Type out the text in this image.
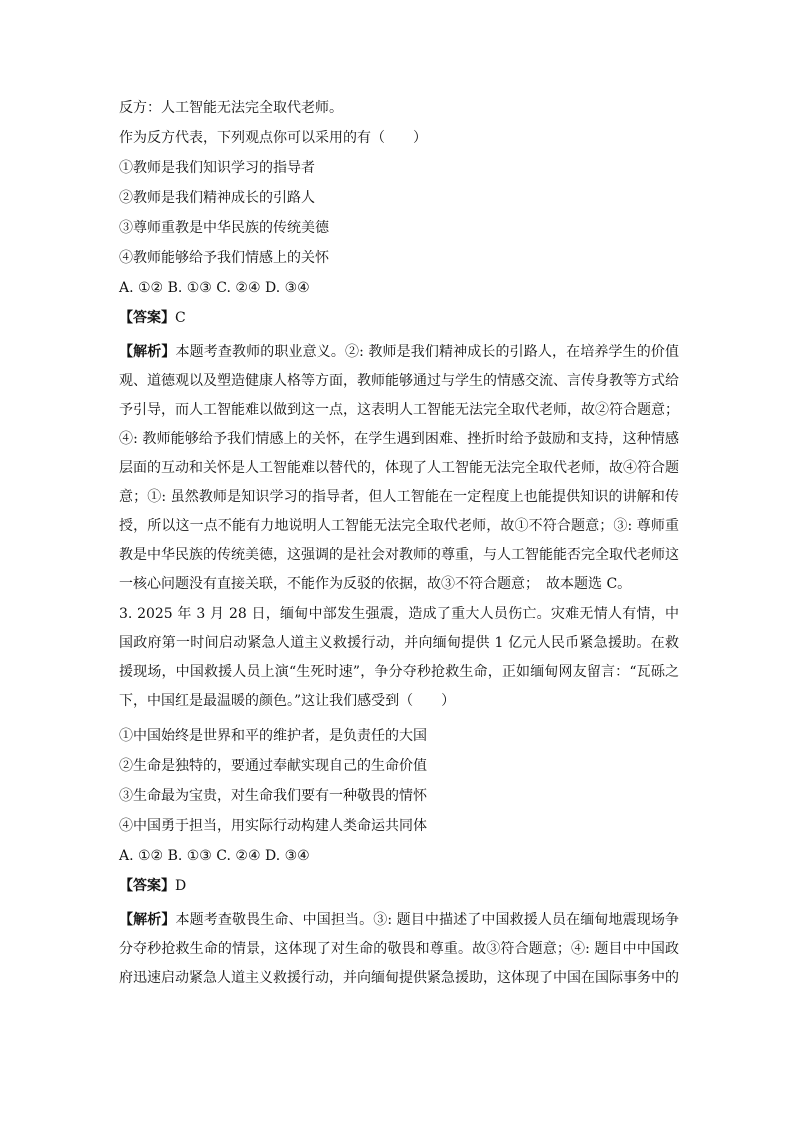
反方：人工智能无法完全取代老师。
作为反方代表，下列观点你可以采用的有（　　）
①教师是我们知识学习的指导者
②教师是我们精神成长的引路人
③尊师重教是中华民族的传统美德
④教师能够给予我们情感上的关怀
A. ①② B. ①③ C. ②④ D. ③④
【答案】C
【解析】本题考查教师的职业意义。②: 教师是我们精神成长的引路人，在培养学生的价值观、道德观以及塑造健康人格等方面，教师能够通过与学生的情感交流、言传身教等方式给予引导，而人工智能难以做到这一点，这表明人工智能无法完全取代老师，故②符合题意；④: 教师能够给予我们情感上的关怀，在学生遇到困难、挫折时给予鼓励和支持，这种情感层面的互动和关怀是人工智能难以替代的，体现了人工智能无法完全取代老师，故④符合题意；①: 虽然教师是知识学习的指导者，但人工智能在一定程度上也能提供知识的讲解和传授，所以这一点不能有力地说明人工智能无法完全取代老师，故①不符合题意；③: 尊师重教是中华民族的传统美德，这强调的是社会对教师的尊重，与人工智能能否完全取代老师这一核心问题没有直接关联，不能作为反驳的依据，故③不符合题意；　故本题选 C。
3. 2025 年 3 月 28 日，缅甸中部发生强震，造成了重大人员伤亡。灾难无情人有情，中国政府第一时间启动紧急人道主义救援行动，并向缅甸提供 1 亿元人民币紧急援助。在救援现场，中国救援人员上演“生死时速”，争分夺秒抢救生命，正如缅甸网友留言：“瓦砾之下，中国红是最温暖的颜色。”这让我们感受到（　　）
①中国始终是世界和平的维护者，是负责任的大国
②生命是独特的，要通过奉献实现自己的生命价值
③生命最为宝贵，对生命我们要有一种敬畏的情怀
④中国勇于担当，用实际行动构建人类命运共同体
A. ①② B. ①③ C. ②④ D. ③④
【答案】D
【解析】本题考查敬畏生命、中国担当。③: 题目中描述了中国救援人员在缅甸地震现场争分夺秒抢救生命的情景，这体现了对生命的敬畏和尊重。故③符合题意；④: 题目中中国政府迅速启动紧急人道主义救援行动，并向缅甸提供紧急援助，这体现了中国在国际事务中的
